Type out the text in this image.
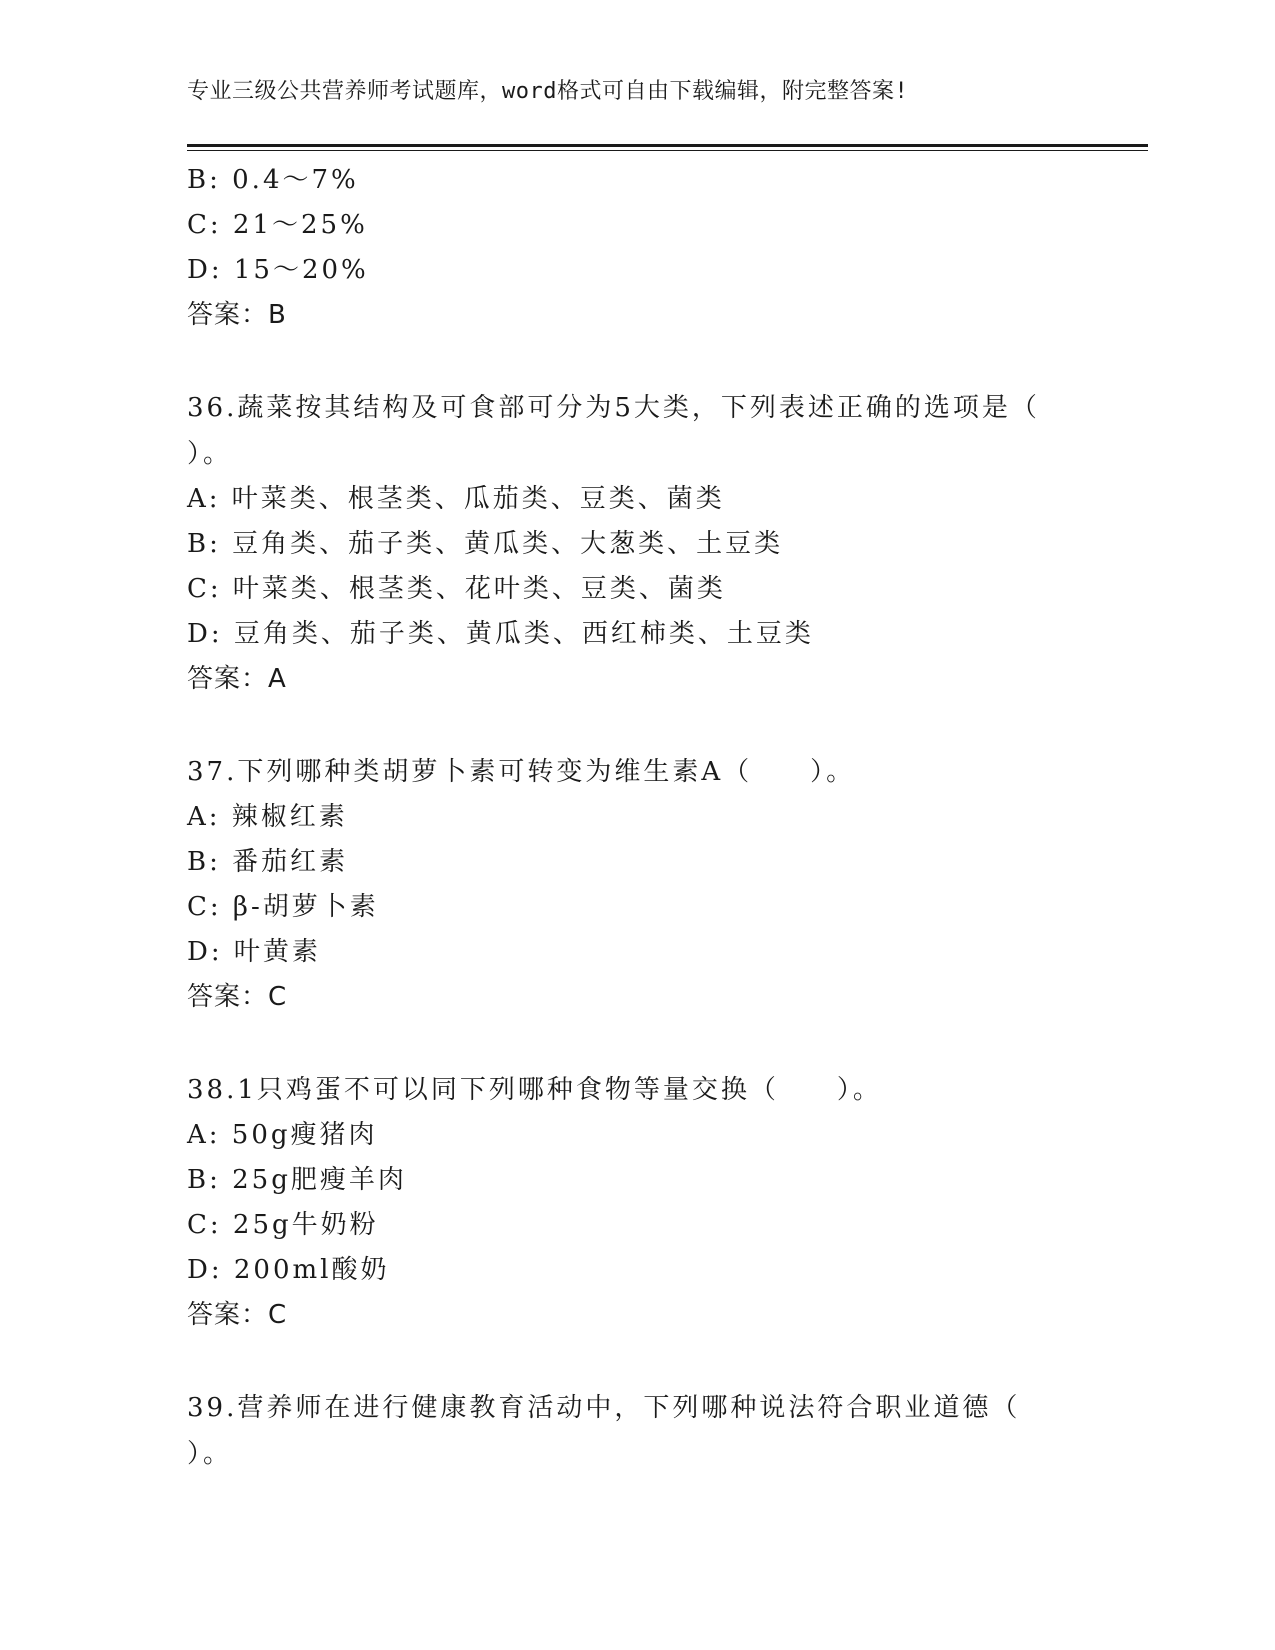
专业三级公共营养师考试题库，word格式可自由下载编辑，附完整答案!
B: 0.4～7%
C: 21～25%
D: 15～20%
答案：B
36.蔬菜按其结构及可食部可分为5大类，下列表述正确的选项是（
）。
A: 叶菜类、根茎类、瓜茄类、豆类、菌类
B: 豆角类、茄子类、黄瓜类、大葱类、土豆类
C: 叶菜类、根茎类、花叶类、豆类、菌类
D: 豆角类、茄子类、黄瓜类、西红柿类、土豆类
答案：A
37.下列哪种类胡萝卜素可转变为维生素A（　　）。
A: 辣椒红素
B: 番茄红素
C: β-胡萝卜素
D: 叶黄素
答案：C
38.1只鸡蛋不可以同下列哪种食物等量交换（　　）。
A: 50g瘦猪肉
B: 25g肥瘦羊肉
C: 25g牛奶粉
D: 200ml酸奶
答案：C
39.营养师在进行健康教育活动中，下列哪种说法符合职业道德（
）。
